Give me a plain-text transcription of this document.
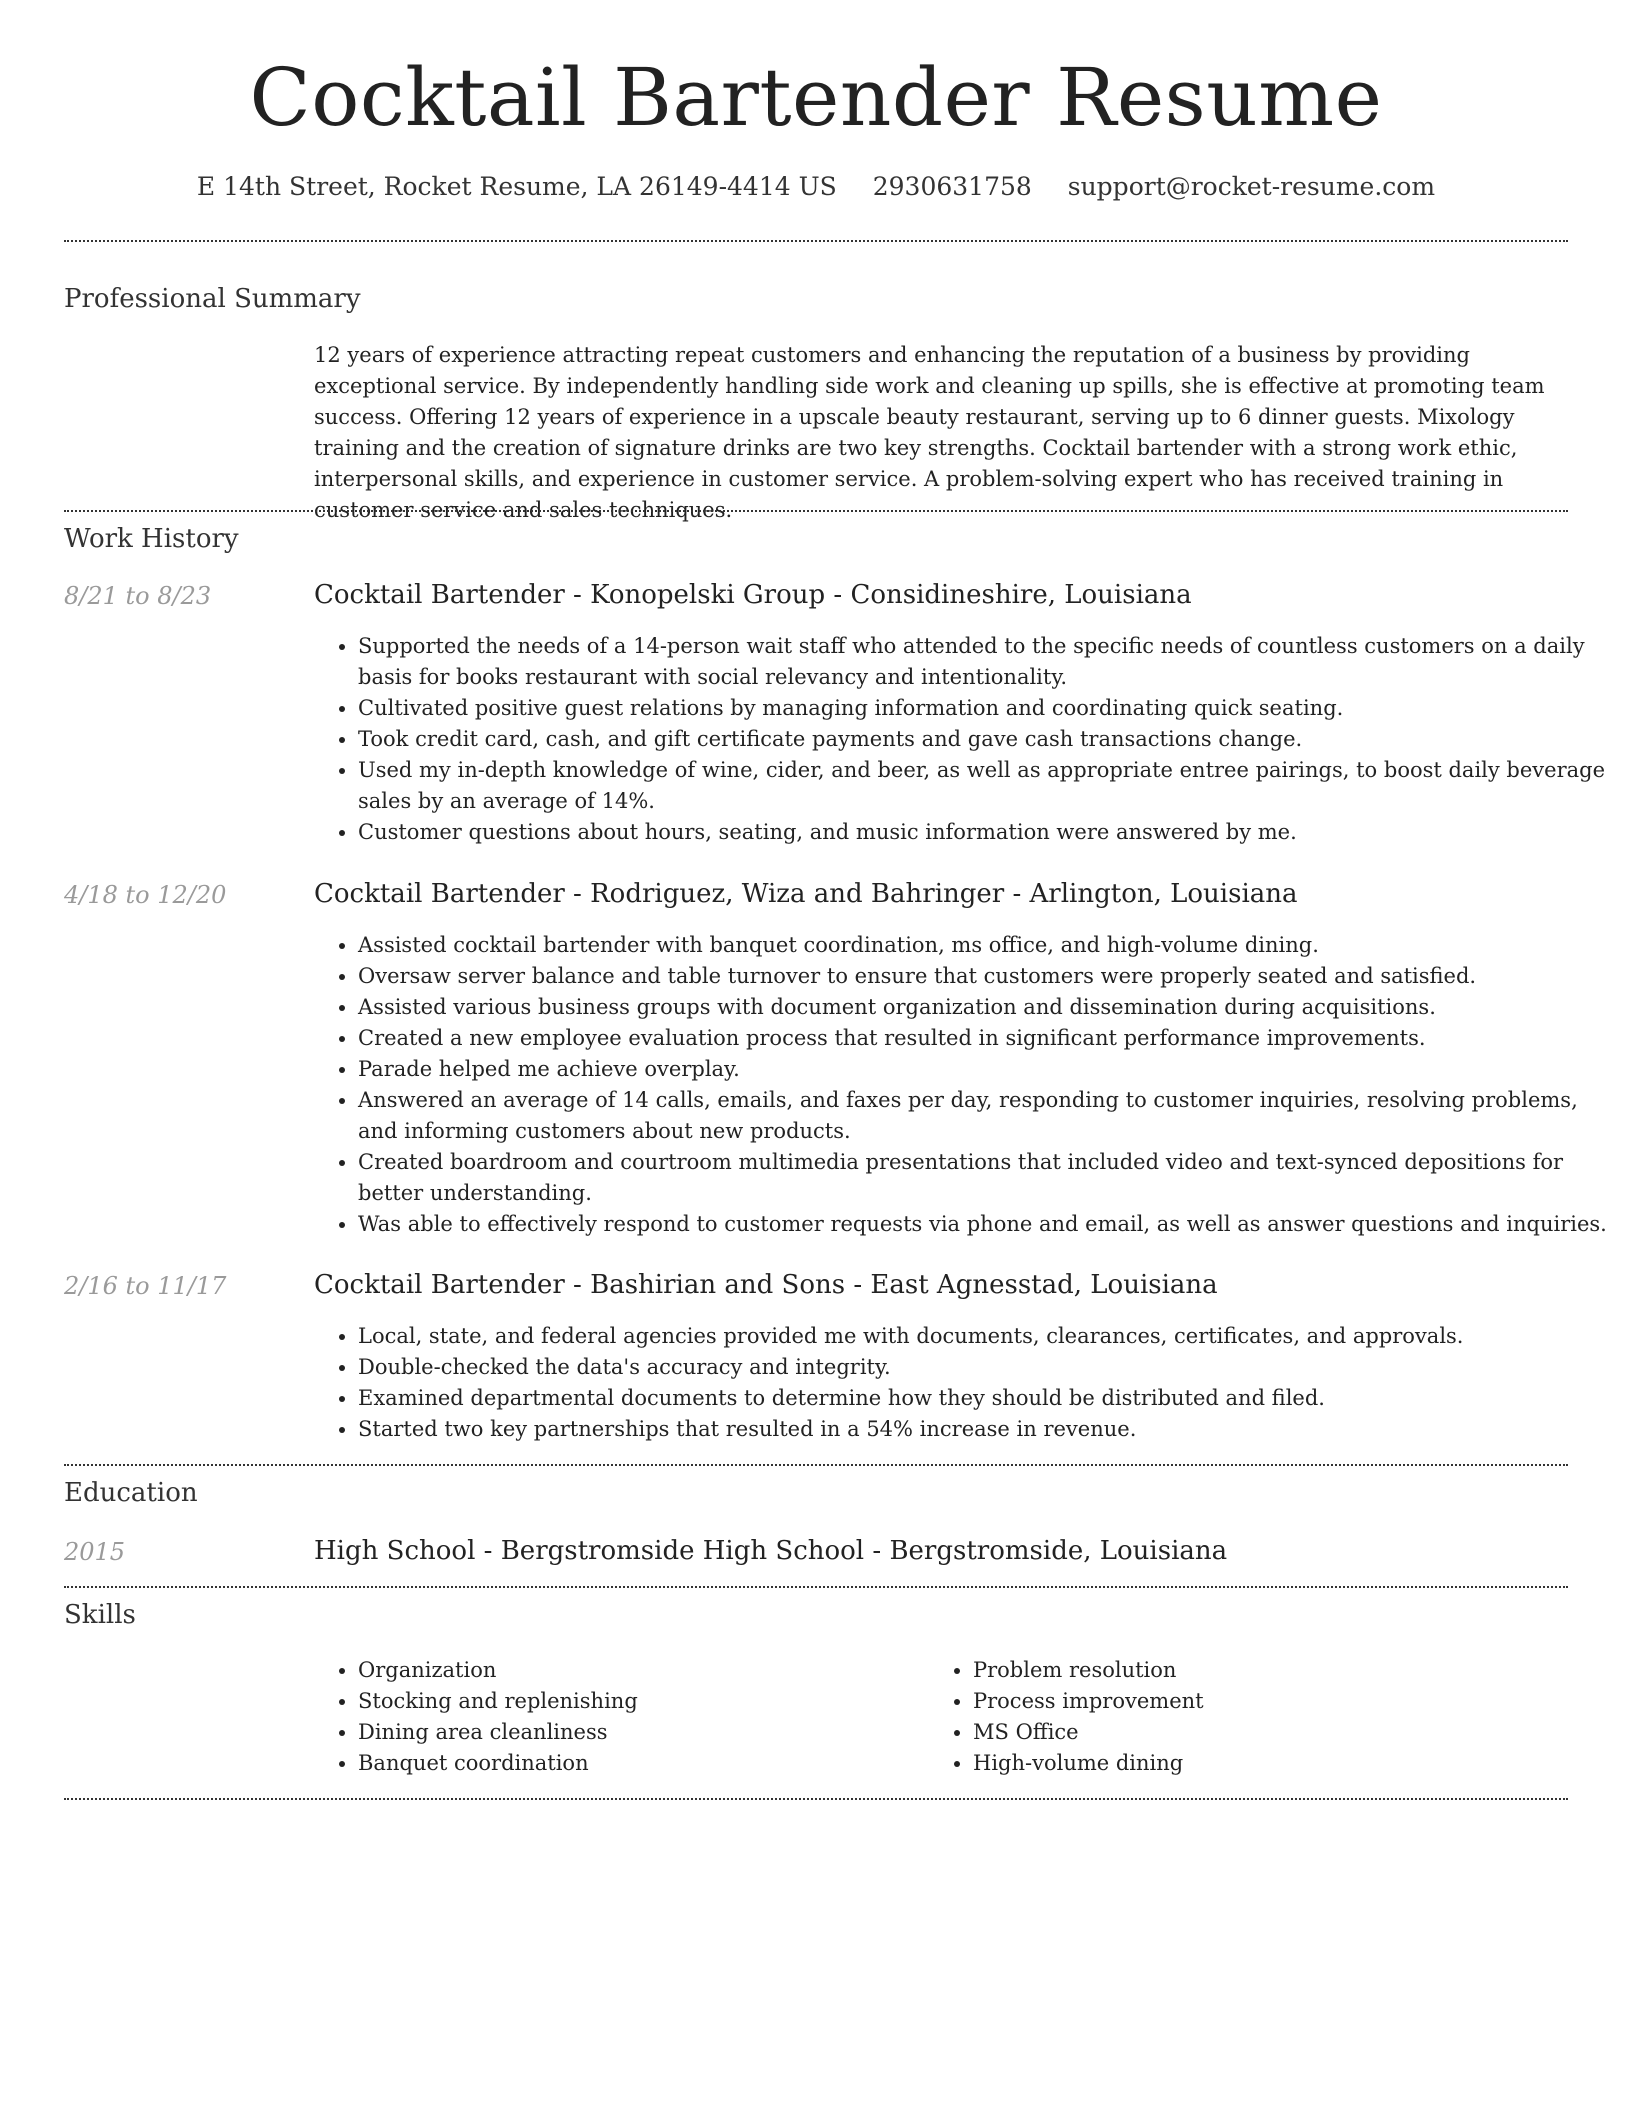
Cocktail Bartender Resume
E 14th Street, Rocket Resume, LA 26149-4414 US 2930631758 support@rocket-resume.com
Professional Summary

12 years of experience attracting repeat customers and enhancing the reputation of a business by providing exceptional service. By independently handling side work and cleaning up spills, she is effective at promoting team success. Offering 12 years of experience in a upscale beauty restaurant, serving up to 6 dinner guests. Mixology training and the creation of signature drinks are two key strengths. Cocktail bartender with a strong work ethic, interpersonal skills, and experience in customer service. A problem-solving expert who has received training in customer service and sales techniques.

Work History
8/21 to 8/23	Cocktail Bartender - Konopelski Group - Considineshire, Louisiana
• Supported the needs of a 14-person wait staff who attended to the specific needs of countless customers on a daily basis for books restaurant with social relevancy and intentionality.
• Cultivated positive guest relations by managing information and coordinating quick seating.
• Took credit card, cash, and gift certificate payments and gave cash transactions change.
• Used my in-depth knowledge of wine, cider, and beer, as well as appropriate entree pairings, to boost daily beverage sales by an average of 14%.
• Customer questions about hours, seating, and music information were answered by me.
4/18 to 12/20	Cocktail Bartender - Rodriguez, Wiza and Bahringer - Arlington, Louisiana
• Assisted cocktail bartender with banquet coordination, ms office, and high-volume dining.
• Oversaw server balance and table turnover to ensure that customers were properly seated and satisfied.
• Assisted various business groups with document organization and dissemination during acquisitions.
• Created a new employee evaluation process that resulted in significant performance improvements.
• Parade helped me achieve overplay.
• Answered an average of 14 calls, emails, and faxes per day, responding to customer inquiries, resolving problems, and informing customers about new products.
• Created boardroom and courtroom multimedia presentations that included video and text-synced depositions for better understanding.
• Was able to effectively respond to customer requests via phone and email, as well as answer questions and inquiries.
2/16 to 11/17	Cocktail Bartender - Bashirian and Sons - East Agnesstad, Louisiana
• Local, state, and federal agencies provided me with documents, clearances, certificates, and approvals.
• Double-checked the data's accuracy and integrity.
• Examined departmental documents to determine how they should be distributed and filed.
• Started two key partnerships that resulted in a 54% increase in revenue.
Education
2015	High School - Bergstromside High School - Bergstromside, Louisiana
Skills
• Organization
• Stocking and replenishing
• Dining area cleanliness
• Banquet coordination
• Problem resolution
• Process improvement
• MS Office
• High-volume dining
